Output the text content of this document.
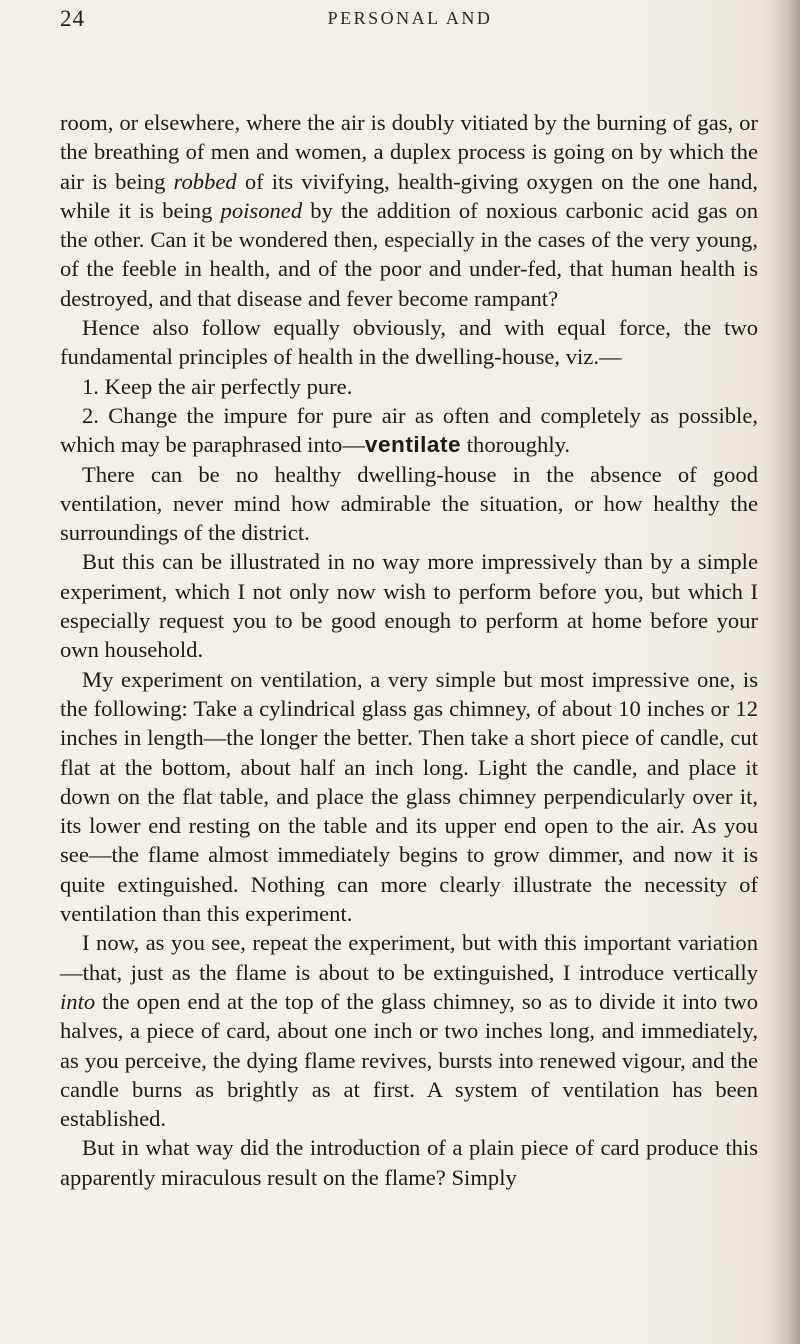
24	PERSONAL AND

room, or elsewhere, where the air is doubly vitiated by the burning of gas, or the breathing of men and women, a duplex process is going on by which the air is being robbed of its vivifying, health-giving oxygen on the one hand, while it is being poisoned by the addition of noxious carbonic acid gas on the other. Can it be wondered then, especially in the cases of the very young, of the feeble in health, and of the poor and under-fed, that human health is destroyed, and that disease and fever become rampant?

Hence also follow equally obviously, and with equal force, the two fundamental principles of health in the dwelling-house, viz.—

1. Keep the air perfectly pure.

2. Change the impure for pure air as often and completely as possible, which may be paraphrased into—ventilate thoroughly.

There can be no healthy dwelling-house in the absence of good ventilation, never mind how admirable the situation, or how healthy the surroundings of the district.

But this can be illustrated in no way more impressively than by a simple experiment, which I not only now wish to perform before you, but which I especially request you to be good enough to perform at home before your own household.

My experiment on ventilation, a very simple but most impressive one, is the following: Take a cylindrical glass gas chimney, of about 10 inches or 12 inches in length—the longer the better. Then take a short piece of candle, cut flat at the bottom, about half an inch long. Light the candle, and place it down on the flat table, and place the glass chimney perpendicularly over it, its lower end resting on the table and its upper end open to the air. As you see—the flame almost immediately begins to grow dimmer, and now it is quite extinguished. Nothing can more clearly illustrate the necessity of ventilation than this experiment.

I now, as you see, repeat the experiment, but with this important variation—that, just as the flame is about to be extinguished, I introduce vertically into the open end at the top of the glass chimney, so as to divide it into two halves, a piece of card, about one inch or two inches long, and immediately, as you perceive, the dying flame revives, bursts into renewed vigour, and the candle burns as brightly as at first. A system of ventilation has been established.

But in what way did the introduction of a plain piece of card produce this apparently miraculous result on the flame? Simply
